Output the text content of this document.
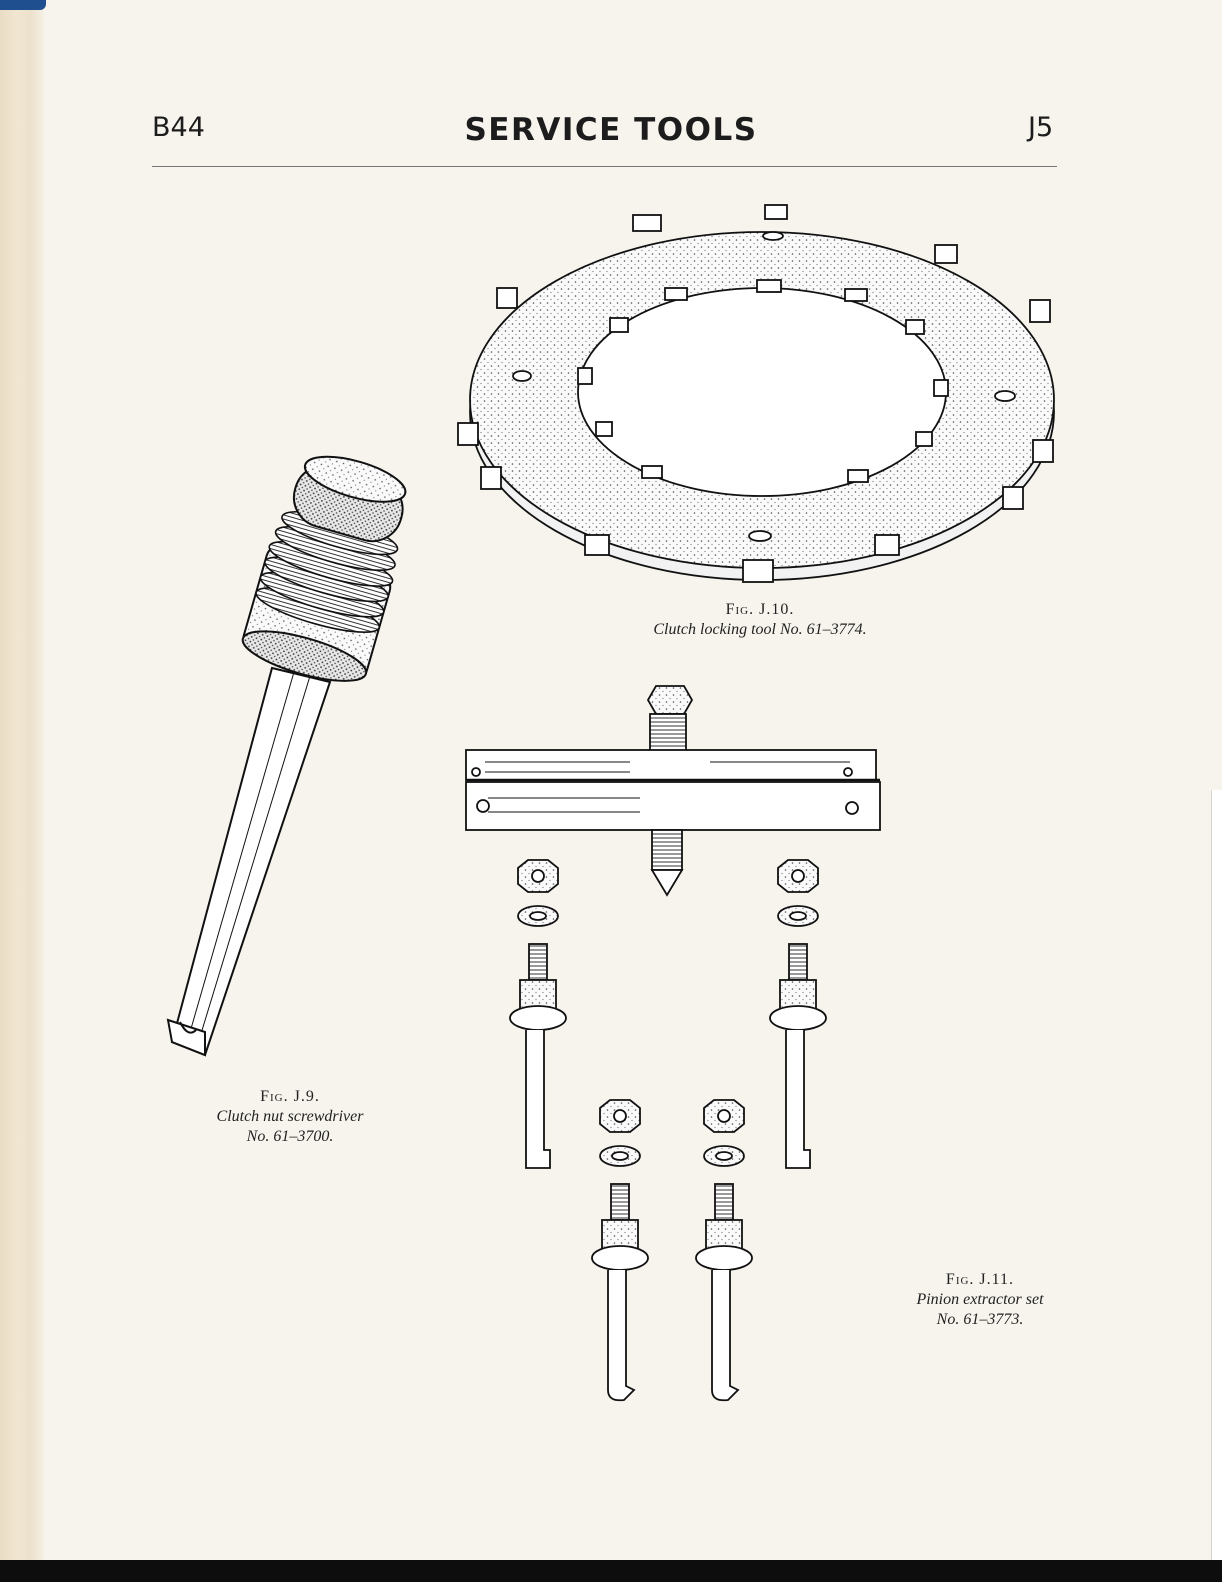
B44	SERVICE TOOLS	J5
Fig. J.10.
Clutch locking tool No. 61–3774.
Fig. J.9.
Clutch nut screwdriver
No. 61–3700.
Fig. J.11.
Pinion extractor set
No. 61–3773.
